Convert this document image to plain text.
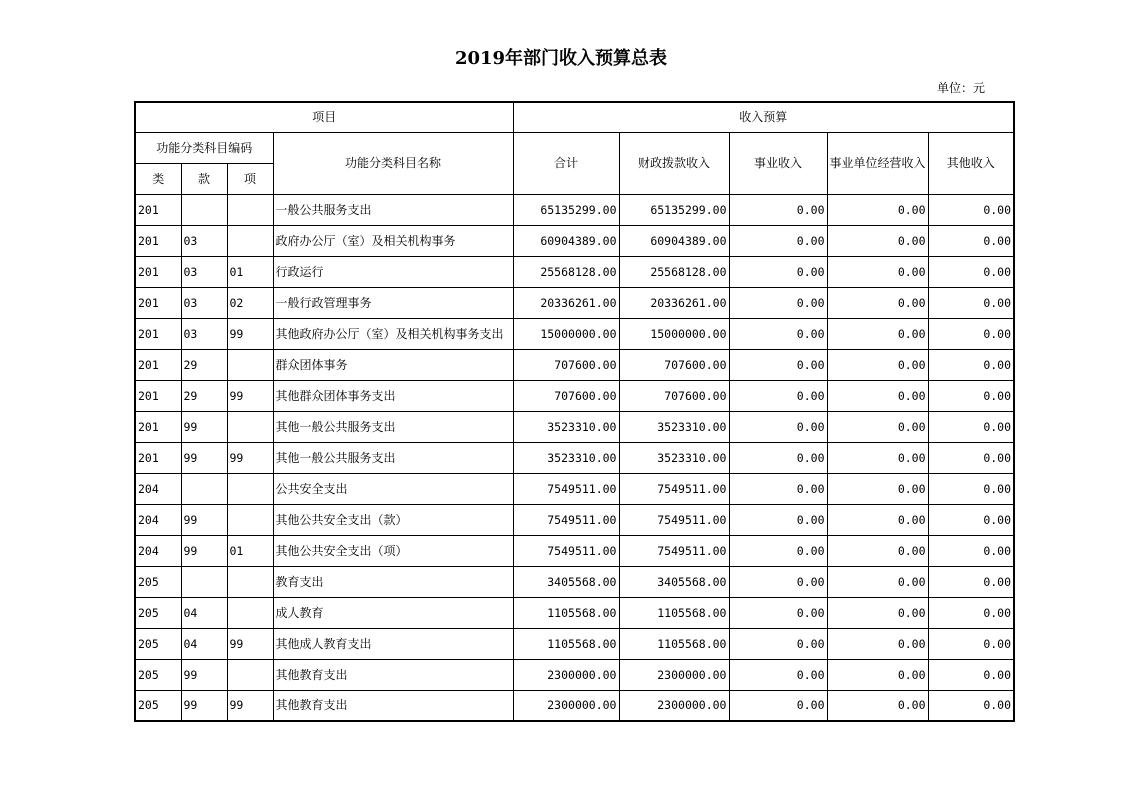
2019年部门收入预算总表
单位：元
项目				收入预算				
功能分类科目编码			功能分类科目名称	合计	财政拨款收入	事业收入	事业单位经营收入	其他收入
类	款	项						
201			一般公共服务支出	65135299.00	65135299.00	0.00	0.00	0.00
201	03		政府办公厅（室）及相关机构事务	60904389.00	60904389.00	0.00	0.00	0.00
201	03	01	行政运行	25568128.00	25568128.00	0.00	0.00	0.00
201	03	02	一般行政管理事务	20336261.00	20336261.00	0.00	0.00	0.00
201	03	99	其他政府办公厅（室）及相关机构事务支出	15000000.00	15000000.00	0.00	0.00	0.00
201	29		群众团体事务	707600.00	707600.00	0.00	0.00	0.00
201	29	99	其他群众团体事务支出	707600.00	707600.00	0.00	0.00	0.00
201	99		其他一般公共服务支出	3523310.00	3523310.00	0.00	0.00	0.00
201	99	99	其他一般公共服务支出	3523310.00	3523310.00	0.00	0.00	0.00
204			公共安全支出	7549511.00	7549511.00	0.00	0.00	0.00
204	99		其他公共安全支出（款）	7549511.00	7549511.00	0.00	0.00	0.00
204	99	01	其他公共安全支出（项）	7549511.00	7549511.00	0.00	0.00	0.00
205			教育支出	3405568.00	3405568.00	0.00	0.00	0.00
205	04		成人教育	1105568.00	1105568.00	0.00	0.00	0.00
205	04	99	其他成人教育支出	1105568.00	1105568.00	0.00	0.00	0.00
205	99		其他教育支出	2300000.00	2300000.00	0.00	0.00	0.00
205	99	99	其他教育支出	2300000.00	2300000.00	0.00	0.00	0.00
